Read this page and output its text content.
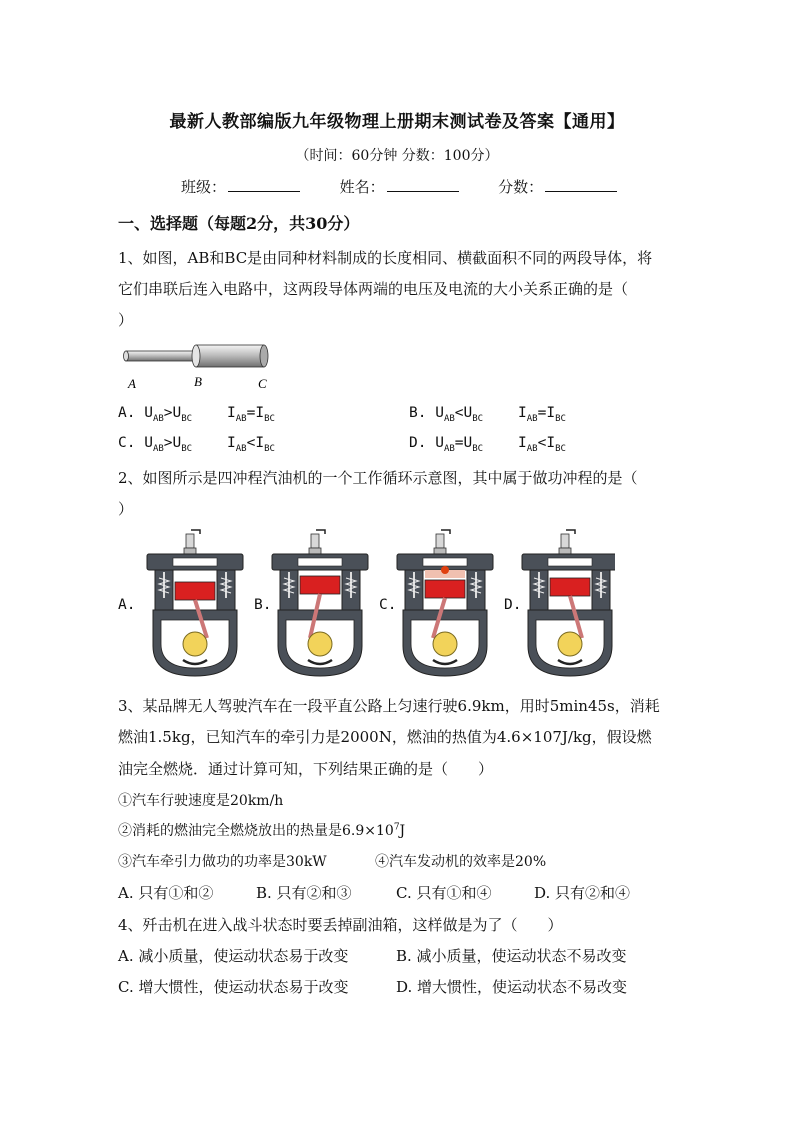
最新人教部编版九年级物理上册期末测试卷及答案【通用】
（时间：60分钟 分数：100分）
班级：	姓名：	分数：
一、选择题（每题2分，共30分）
1、如图，AB和BC是由同种材料制成的长度相同、横截面积不同的两段导体，将
它们串联后连入电路中，这两段导体两端的电压及电流的大小关系正确的是（
）
A	B	C
A. $U_{AB}>U_{BC}$ $I_{AB}=I_{BC}$	B. $U_{AB}<U_{BC}$ $I_{AB}=I_{BC}$
C. $U_{AB}>U_{BC}$ $I_{AB}<I_{BC}$	D. $U_{AB}=U_{BC}$ $I_{AB}<I_{BC}$
2、如图所示是四冲程汽油机的一个工作循环示意图，其中属于做功冲程的是（
）
A.	B.	C.	D.
3、某品牌无人驾驶汽车在一段平直公路上匀速行驶6.9km，用时5min45s，消耗
燃油1.5kg，已知汽车的牵引力是2000N，燃油的热值为4.6×107J/kg，假设燃
油完全燃烧．通过计算可知，下列结果正确的是（　　）
①汽车行驶速度是20km/h
②消耗的燃油完全燃烧放出的热量是$6.9\times 10^7J$
③汽车牵引力做功的功率是30kW	④汽车发动机的效率是20%
A. 只有①和②	B. 只有②和③	C. 只有①和④	D. 只有②和④
4、歼击机在进入战斗状态时要丢掉副油箱，这样做是为了（　　）
A. 减小质量，使运动状态易于改变	B. 减小质量，使运动状态不易改变
C. 增大惯性，使运动状态易于改变	D. 增大惯性，使运动状态不易改变
